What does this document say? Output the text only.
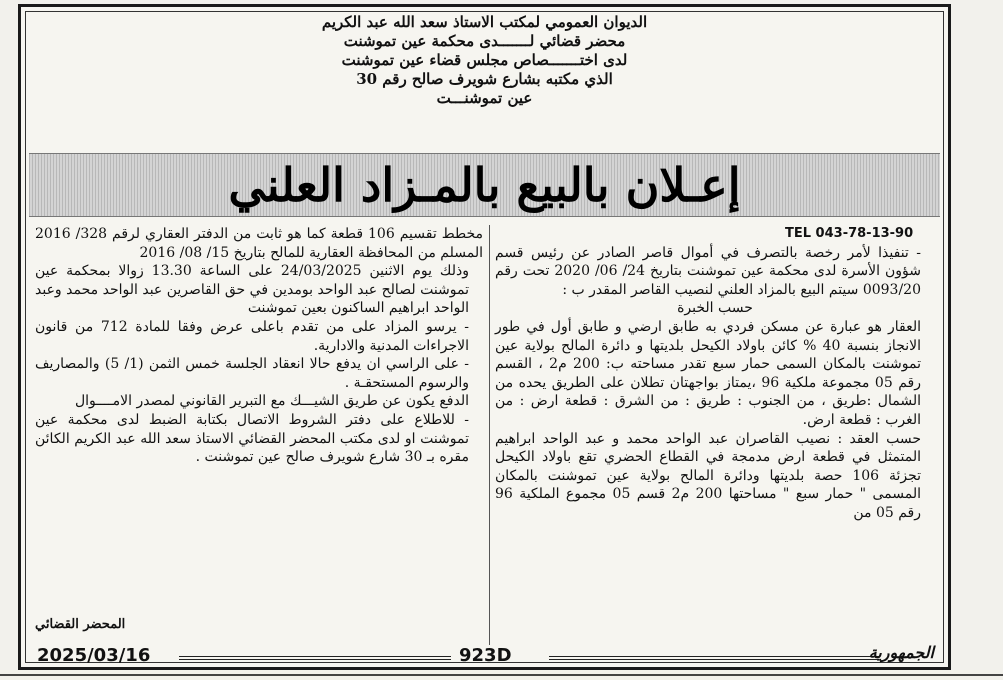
الديوان العمومي لمكتب الاستاذ سعد الله عبد الكريم
محضر قضائي لـــــــدى محكمة عين تموشنت
لدى اختـــــــصاص مجلس قضاء عين تموشنت
الذي مكتبه بشارع شويرف صالح رقم 30
عين تموشنـــت
إعـلان بالبيع بالمـزاد العلني

TEL 043-78-13-90

- تنفيذا لأمر رخصة بالتصرف في أموال قاصر الصادر عن رئيس قسم شؤون الأسرة لدى محكمة عين تموشنت بتاريخ 24/ 06/ 2020 تحت رقم 0093/20 سيتم البيع بالمزاد العلني لنصيب القاصر المقدر ب :

حسب الخبرة

العقار هو عبارة عن مسكن فردي به طابق ارضي و طابق أول في طور الانجاز بنسبة 40 % كائن باولاد الكيحل بلديتها و دائرة المالح بولاية عين تموشنت بالمكان السمى حمار سبع تقدر مساحته ب: 200 م2 ، القسم رقم 05 مجموعة ملكية 96 ،يمتاز بواجهتان تطلان على الطريق يحده من الشمال :طريق ، من الجنوب : طريق : من الشرق : قطعة ارض : من الغرب : قطعة ارض.

حسب العقد : نصيب القاصران عبد الواحد محمد و عبد الواحد ابراهيم المتمثل في قطعة ارض مدمجة في القطاع الحضري تقع باولاد الكيحل تجزئة 106 حصة بلديتها ودائرة المالح بولاية عين تموشنت بالمكان المسمى " حمار سبع " مساحتها 200 م2 قسم 05 مجموع الملكية 96 رقم 05 من

مخطط تقسيم 106 قطعة كما هو ثابت من الدفتر العقاري لرقم 328/ 2016 المسلم من المحافظة العقارية للمالح بتاريخ 15/ 08/ 2016

وذلك يوم الاثنين 24/03/2025 على الساعة 13.30 زوالا بمحكمة عين تموشنت لصالح عبد الواحد بومدين في حق القاصرين عبد الواحد محمد وعبد الواحد ابراهيم الساكنون بعين تموشنت

- يرسو المزاد على من تقدم باعلى عرض وفقا للمادة 712 من قانون الاجراءات المدنية والادارية.

- على الراسي ان يدفع حالا انعقاد الجلسة خمس الثمن (1/ 5) والمصاريف والرسوم المستحقـة .

الدفع يكون عن طريق الشيـــك مع التبرير القانوني لمصدر الامــــوال

- للاطلاع على دفتر الشروط الاتصال بكتابة الضبط لدى محكمة عين تموشنت او لدى مكتب المحضر القضائي الاستاذ سعد الله عبد الكريم الكائن مقره بـ 30 شارع شويرف صالح عين تموشنت .

المحضر القضائي
2025/03/16	923D	الجمهورية
